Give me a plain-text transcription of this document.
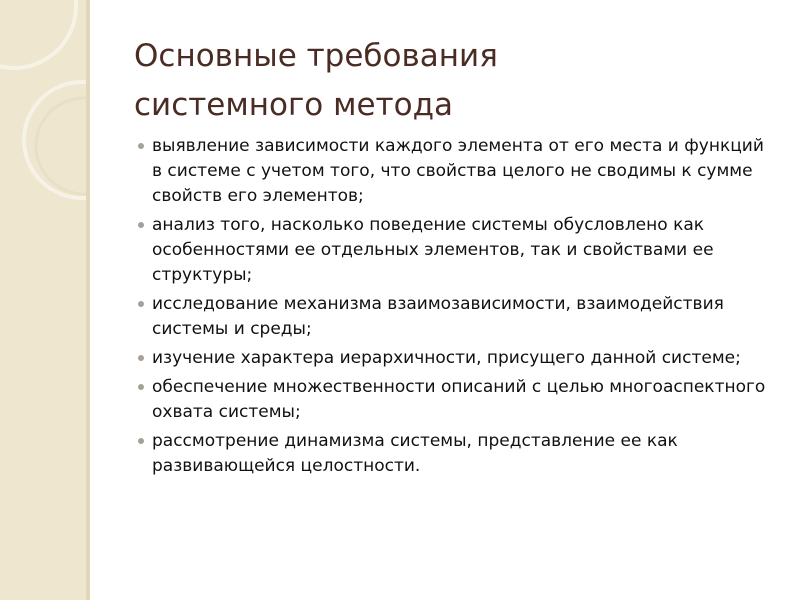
Основные требования
системного метода
выявление зависимости каждого элемента от его места и функций в системе с учетом того, что свойства целого не сводимы к сумме свойств его элементов;
анализ того, насколько поведение системы обусловлено как особенностями ее отдельных элементов, так и свойствами ее структуры;
исследование механизма взаимозависимости, взаимодействия системы и среды;
изучение характера иерархичности, присущего данной системе;
обеспечение множественности описаний с целью многоаспектного охвата системы;
рассмотрение динамизма системы, представление ее как развивающейся целостности.
